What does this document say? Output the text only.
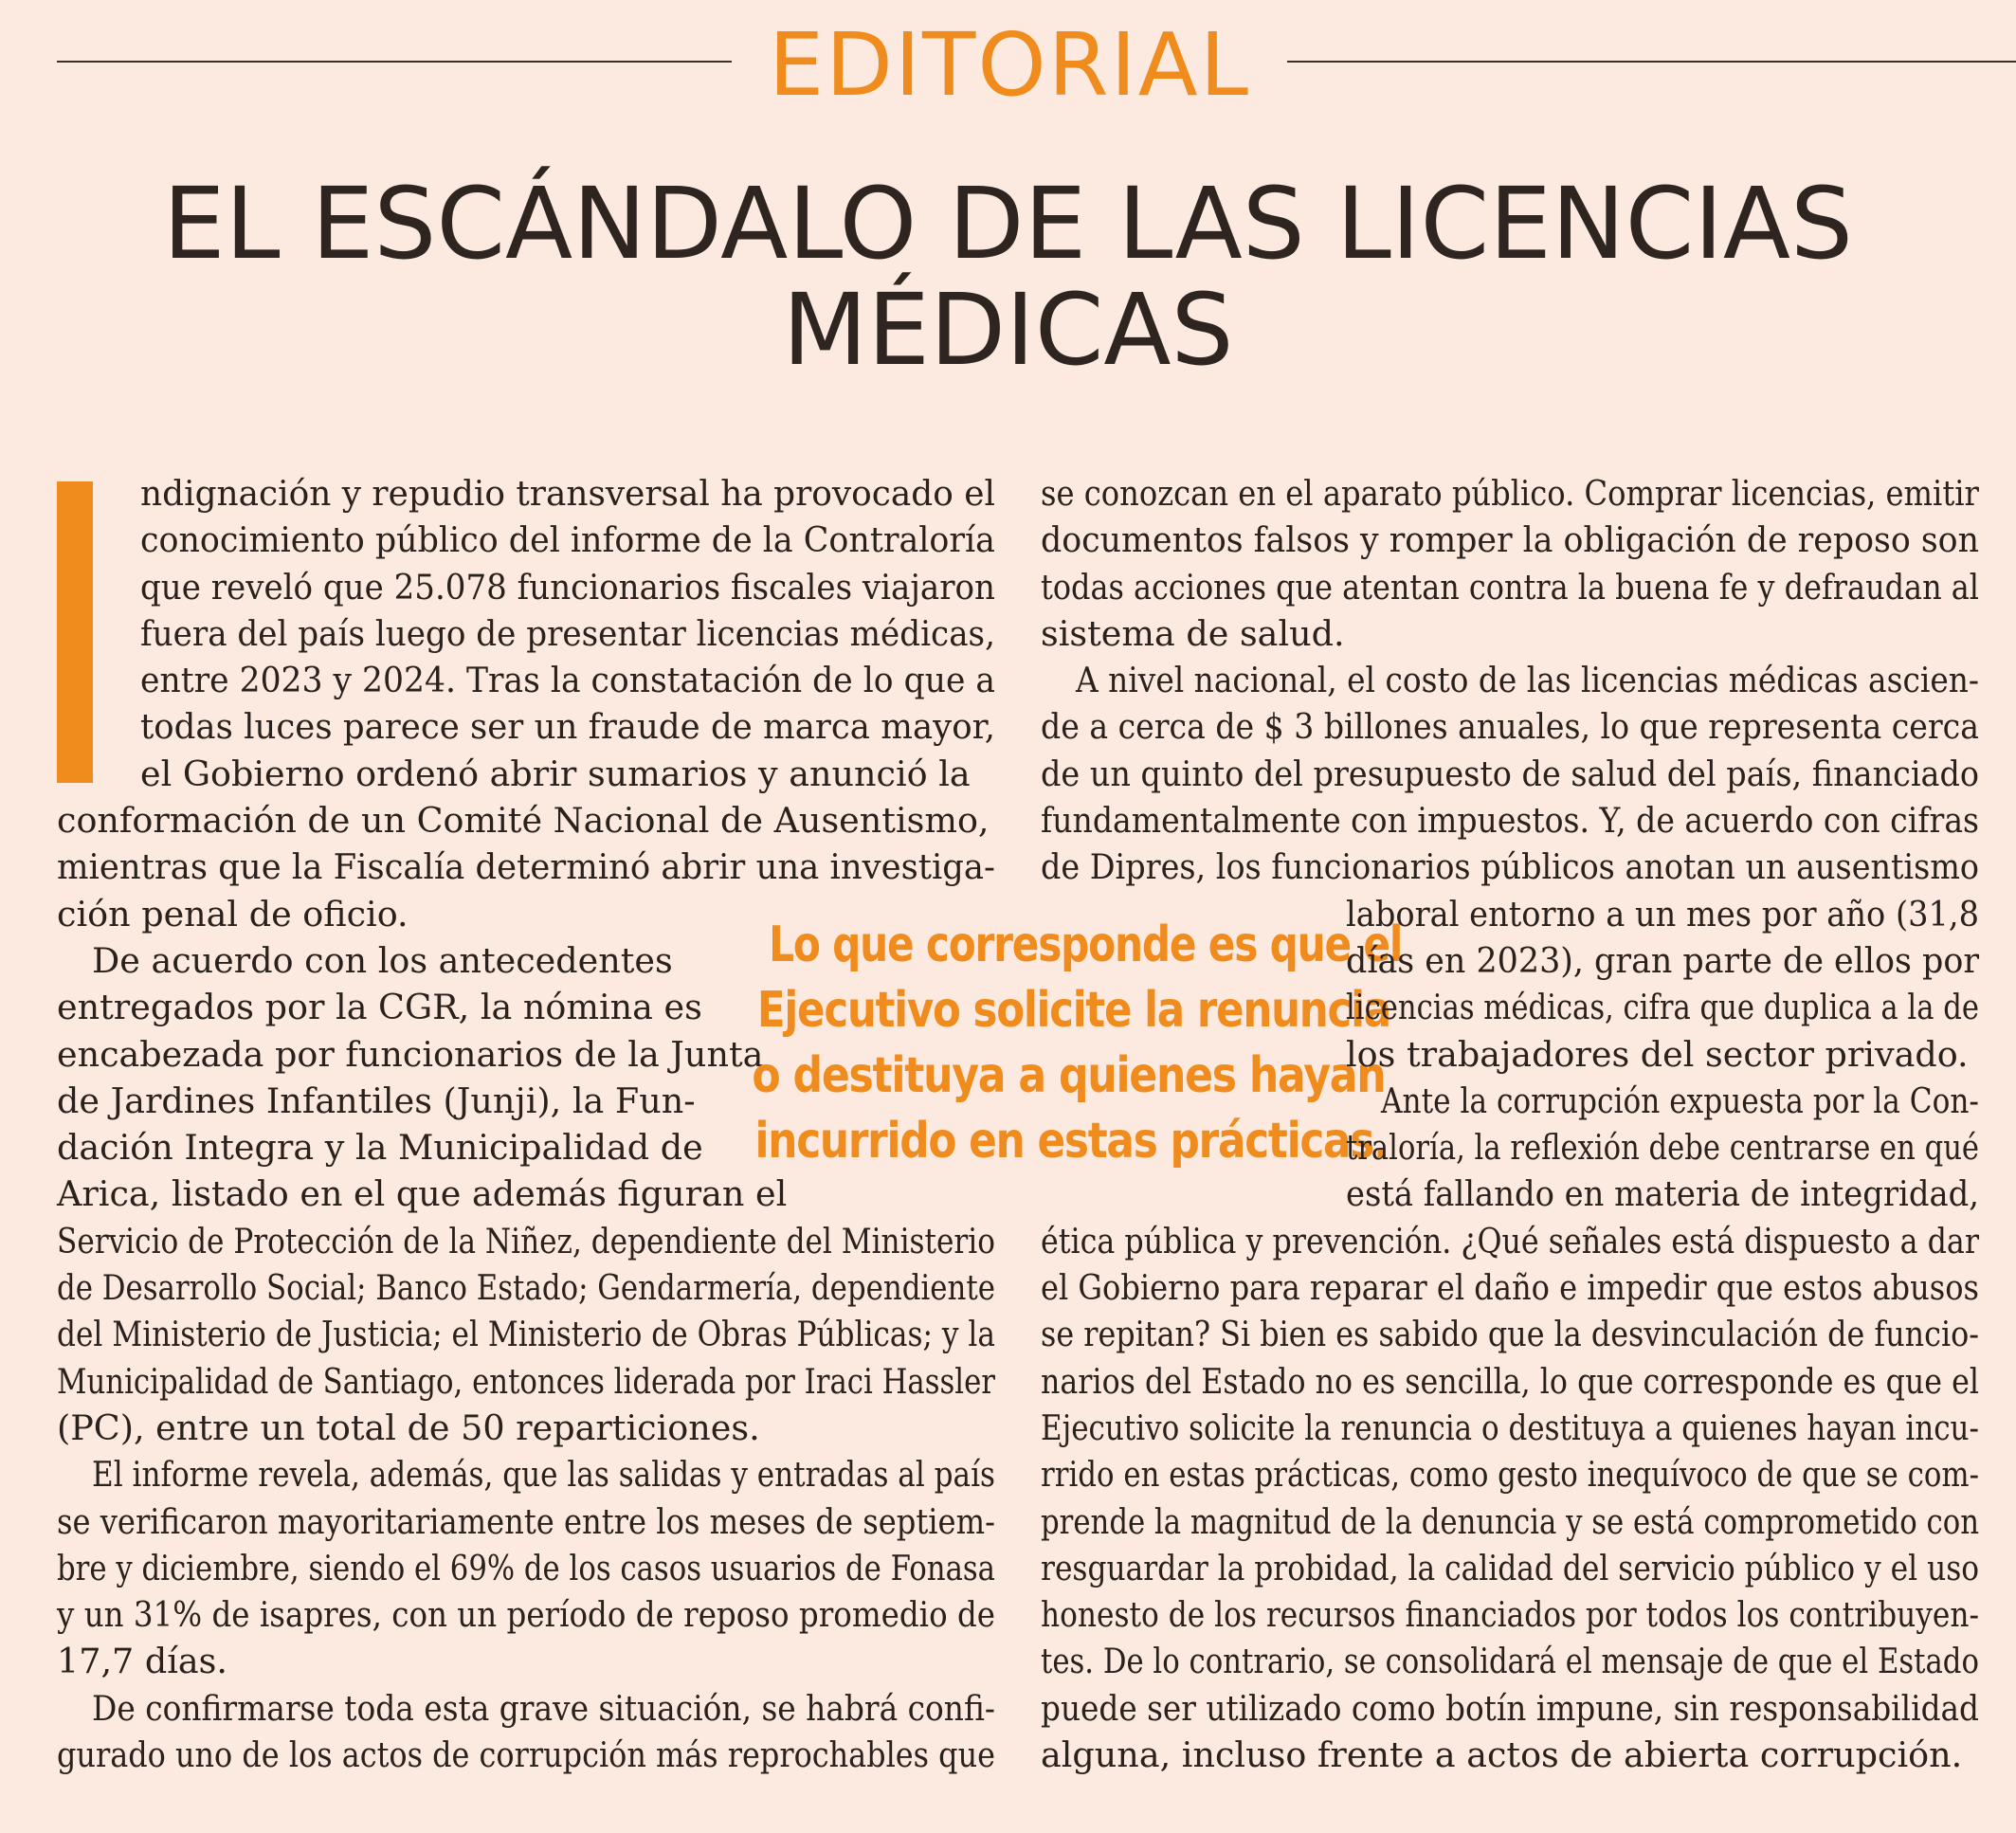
EDITORIAL
EL ESCÁNDALO DE LAS LICENCIAS
MÉDICAS
ndignación y repudio transversal ha provocado el
conocimiento público del informe de la Contraloría
que reveló que 25.078 funcionarios fiscales viajaron
fuera del país luego de presentar licencias médicas,
entre 2023 y 2024. Tras la constatación de lo que a
todas luces parece ser un fraude de marca mayor,
el Gobierno ordenó abrir sumarios y anunció la
conformación de un Comité Nacional de Ausentismo,
mientras que la Fiscalía determinó abrir una investiga-
ción penal de oficio.
De acuerdo con los antecedentes
entregados por la CGR, la nómina es
encabezada por funcionarios de la Junta
de Jardines Infantiles (Junji), la Fun-
dación Integra y la Municipalidad de
Arica, listado en el que además figuran el
Servicio de Protección de la Niñez, dependiente del Ministerio
de Desarrollo Social; Banco Estado; Gendarmería, dependiente
del Ministerio de Justicia; el Ministerio de Obras Públicas; y la
Municipalidad de Santiago, entonces liderada por Iraci Hassler
(PC), entre un total de 50 reparticiones.
El informe revela, además, que las salidas y entradas al país
se verificaron mayoritariamente entre los meses de septiem-
bre y diciembre, siendo el 69% de los casos usuarios de Fonasa
y un 31% de isapres, con un período de reposo promedio de
17,7 días.
De confirmarse toda esta grave situación, se habrá confi-
gurado uno de los actos de corrupción más reprochables que
Lo que corresponde es que el
Ejecutivo solicite la renuncia
o destituya a quienes hayan
incurrido en estas prácticas.
se conozcan en el aparato público. Comprar licencias, emitir
documentos falsos y romper la obligación de reposo son
todas acciones que atentan contra la buena fe y defraudan al
sistema de salud.
A nivel nacional, el costo de las licencias médicas ascien-
de a cerca de $ 3 billones anuales, lo que representa cerca
de un quinto del presupuesto de salud del país, financiado
fundamentalmente con impuestos. Y, de acuerdo con cifras
de Dipres, los funcionarios públicos anotan un ausentismo
laboral entorno a un mes por año (31,8
días en 2023), gran parte de ellos por
licencias médicas, cifra que duplica a la de
los trabajadores del sector privado.
Ante la corrupción expuesta por la Con-
traloría, la reflexión debe centrarse en qué
está fallando en materia de integridad,
ética pública y prevención. ¿Qué señales está dispuesto a dar
el Gobierno para reparar el daño e impedir que estos abusos
se repitan? Si bien es sabido que la desvinculación de funcio-
narios del Estado no es sencilla, lo que corresponde es que el
Ejecutivo solicite la renuncia o destituya a quienes hayan incu-
rrido en estas prácticas, como gesto inequívoco de que se com-
prende la magnitud de la denuncia y se está comprometido con
resguardar la probidad, la calidad del servicio público y el uso
honesto de los recursos financiados por todos los contribuyen-
tes. De lo contrario, se consolidará el mensaje de que el Estado
puede ser utilizado como botín impune, sin responsabilidad
alguna, incluso frente a actos de abierta corrupción.
